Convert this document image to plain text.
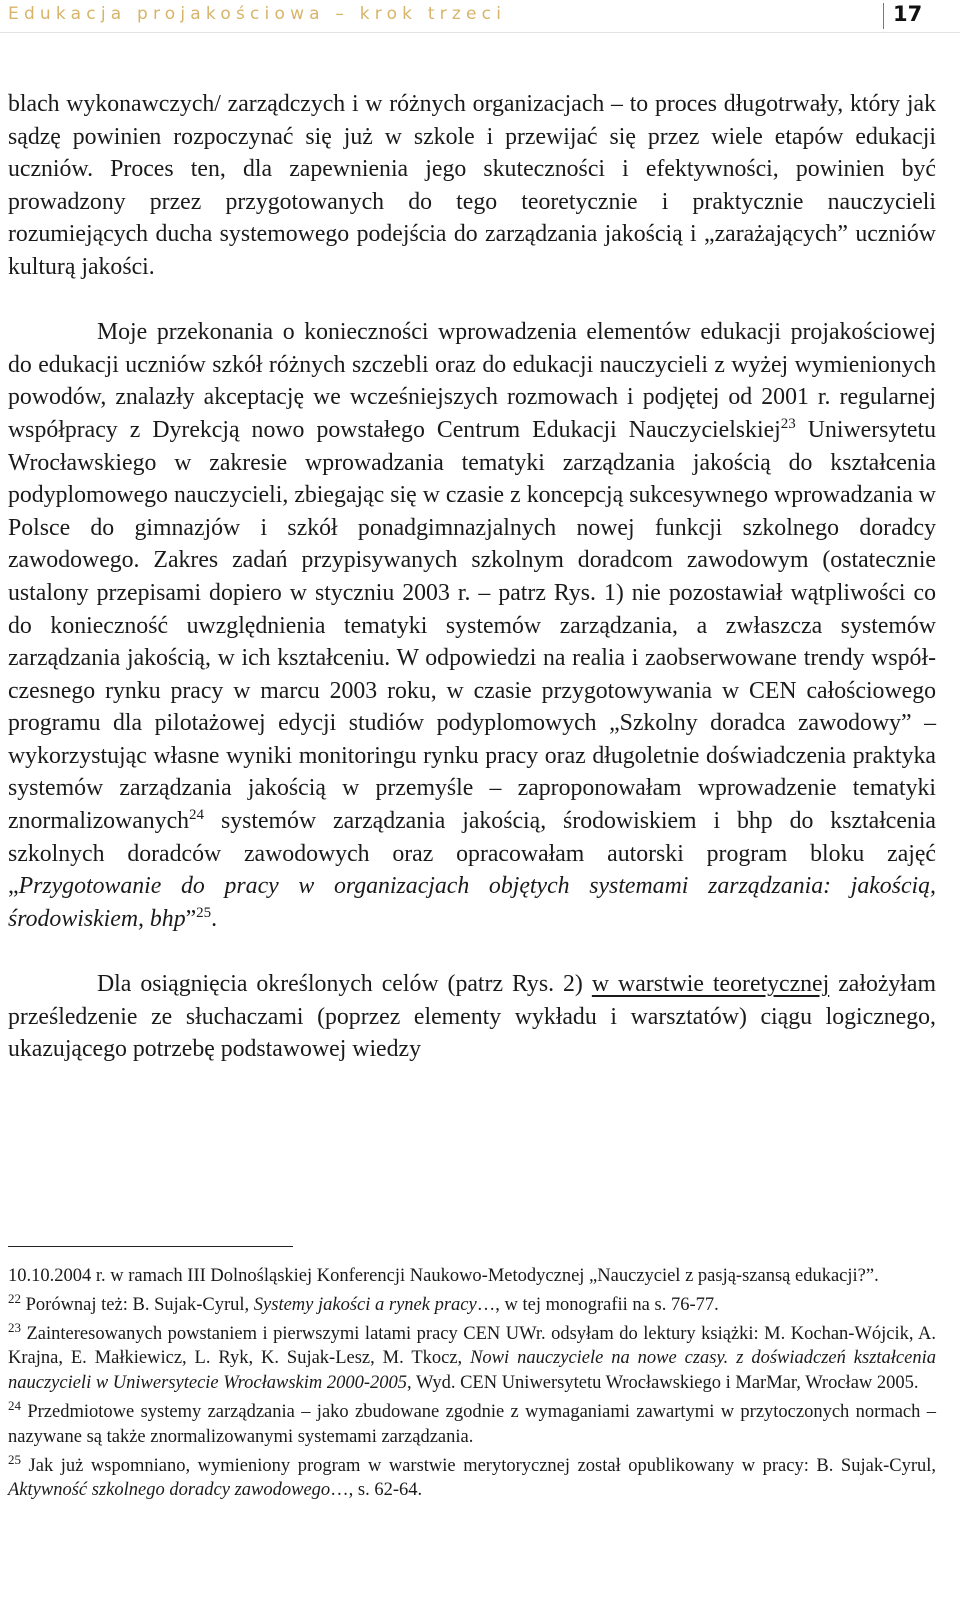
Edukacja projakościowa – krok trzeci	17

blach wykonawczych/ zarządczych i w różnych organizacjach – to proces długotrwały, który jak sądzę powinien rozpoczynać się już w szkole i przewijać się przez wiele etapów edukacji uczniów. Proces ten, dla zapewnienia jego skuteczności i efektywności, powinien być prowadzony przez przygotowanych do tego teoretycznie i praktycznie nauczycieli rozumiejących ducha systemowego podejścia do zarządzania jakością i „zarażających” uczniów kulturą jakości.

Moje przekonania o konieczności wprowadzenia elementów edukacji projakościowej do edukacji uczniów szkół różnych szczebli oraz do edukacji nauczycieli z wyżej wymienionych powodów, znalazły akceptację we wcześniejszych rozmowach i podjętej od 2001 r. regularnej współpracy z Dyrekcją nowo powstałego Centrum Edukacji Nauczycielskiej$^{23}$ Uniwersytetu Wrocławskiego w zakresie wprowadzania tematyki zarządzania jakością do kształcenia podyplomowego nauczycieli, zbiegając się w czasie z koncepcją sukcesywnego wprowadzania w Polsce do gimnazjów i szkół ponadgimnazjalnych nowej funkcji szkolnego doradcy zawodowego. Zakres zadań przypisywanych szkolnym doradcom zawodowym (ostatecznie ustalony przepisami dopiero w styczniu 2003 r. – patrz Rys. 1) nie pozostawiał wątpliwości co do konieczność uwzględnienia tematyki systemów zarządzania, a zwłaszcza systemów zarządzania jakością, w ich kształceniu. W odpowiedzi na realia i zaobserwowane trendy współczesnego rynku pracy w marcu 2003 roku, w czasie przygotowywania w CEN całościowego programu dla pilotażowej edycji studiów podyplomowych „Szkolny doradca zawodowy” – wykorzystując własne wyniki monitoringu rynku pracy oraz długoletnie doświadczenia praktyka systemów zarządzania jakością w przemyśle – zaproponowałam wprowadzenie tematyki znormalizowanych$^{24}$ systemów zarządzania jakością, środowiskiem i bhp do kształcenia szkolnych doradców zawodowych oraz opracowałam autorski program bloku zajęć „Przygotowanie do pracy w organizacjach objętych systemami zarządzania: jakością, środowiskiem, bhp”$^{25}$.

Dla osiągnięcia określonych celów (patrz Rys. 2) w warstwie teoretycznej założyłam prześledzenie ze słuchaczami (poprzez elementy wykładu i warsztatów) ciągu logicznego, ukazującego potrzebę podstawowej wiedzy

10.10.2004 r. w ramach III Dolnośląskiej Konferencji Naukowo-Metodycznej „Nauczyciel z pasją-szansą edukacji?”.

$^{22}$ Porównaj też: B. Sujak-Cyrul, Systemy jakości a rynek pracy…, w tej monografii na s. 76-77.

$^{23}$ Zainteresowanych powstaniem i pierwszymi latami pracy CEN UWr. odsyłam do lektury książki: M. Kochan-Wójcik, A. Krajna, E. Małkiewicz, L. Ryk, K. Sujak-Lesz, M. Tkocz, Nowi nauczyciele na nowe czasy. z doświadczeń kształcenia nauczycieli w Uniwersytecie Wrocławskim 2000-2005, Wyd. CEN Uniwersytetu Wrocławskiego i MarMar, Wrocław 2005.

$^{24}$ Przedmiotowe systemy zarządzania – jako zbudowane zgodnie z wymaganiami zawartymi w przytoczonych normach – nazywane są także znormalizowanymi systemami zarządzania.

$^{25}$ Jak już wspomniano, wymieniony program w warstwie merytorycznej został opublikowany w pracy: B. Sujak-Cyrul, Aktywność szkolnego doradcy zawodowego…, s. 62-64.
